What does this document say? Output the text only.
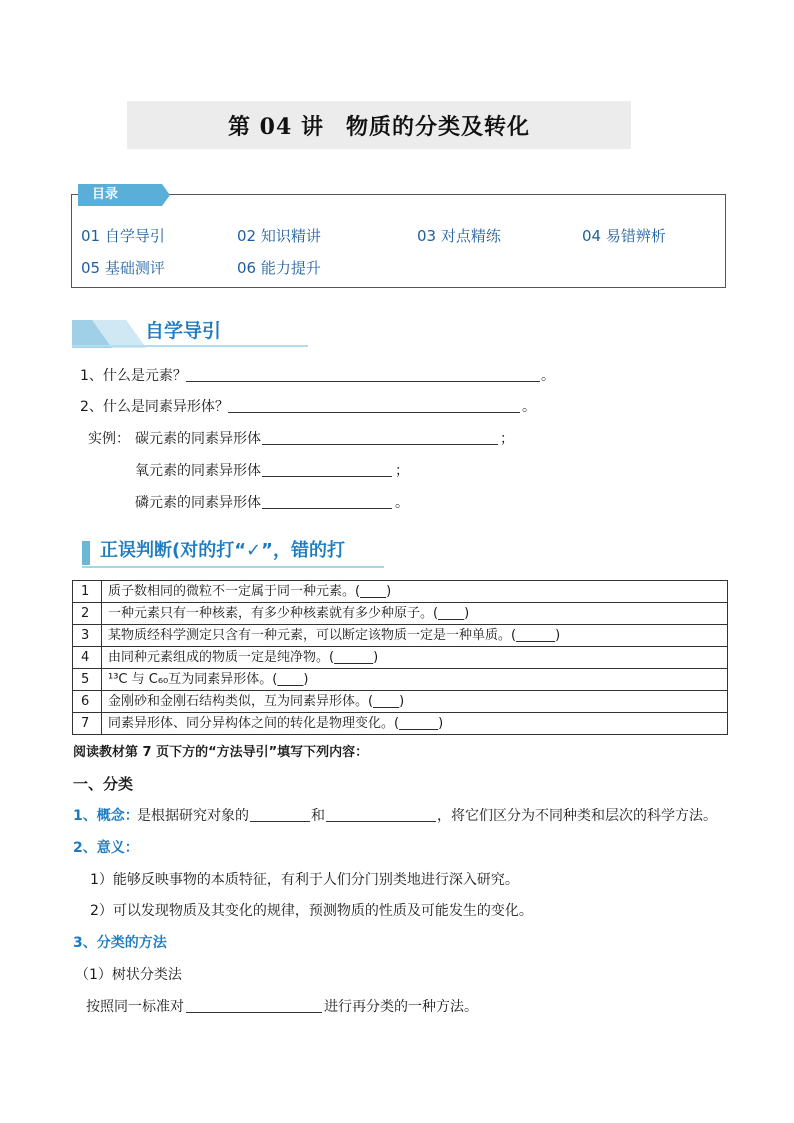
第 04 讲 物质的分类及转化
目录
01 自学导引	02 知识精讲	03 对点精练	04 易错辨析
05 基础测评	06 能力提升
自学导引
1、什么是元素？	。
2、什么是同素异形体？	。
实例： 碳元素的同素异形体	；
氧元素的同素异形体	；
磷元素的同素异形体	。
正误判断(对的打“✓”，错的打
1	质子数相同的微粒不一定属于同一种元素。(____)
2	一种元素只有一种核素，有多少种核素就有多少种原子。(____)
3	某物质经科学测定只含有一种元素，可以断定该物质一定是一种单质。(______)
4	由同种元素组成的物质一定是纯净物。(______)
5	¹³C 与 C₆₀互为同素异形体。(____)
6	金刚砂和金刚石结构类似，互为同素异形体。(____)
7	同素异形体、同分异构体之间的转化是物理变化。(______)
阅读教材第 7 页下方的“方法导引”填写下列内容：
一、分类
1、概念：
是根据研究对象的	和	，将它们区分为不同种类和层次的科学方法。
2、意义：
1）能够反映事物的本质特征，有利于人们分门别类地进行深入研究。
2）可以发现物质及其变化的规律，预测物质的性质及可能发生的变化。
3、分类的方法
（1）树状分类法
按照同一标准对	进行再分类的一种方法。
